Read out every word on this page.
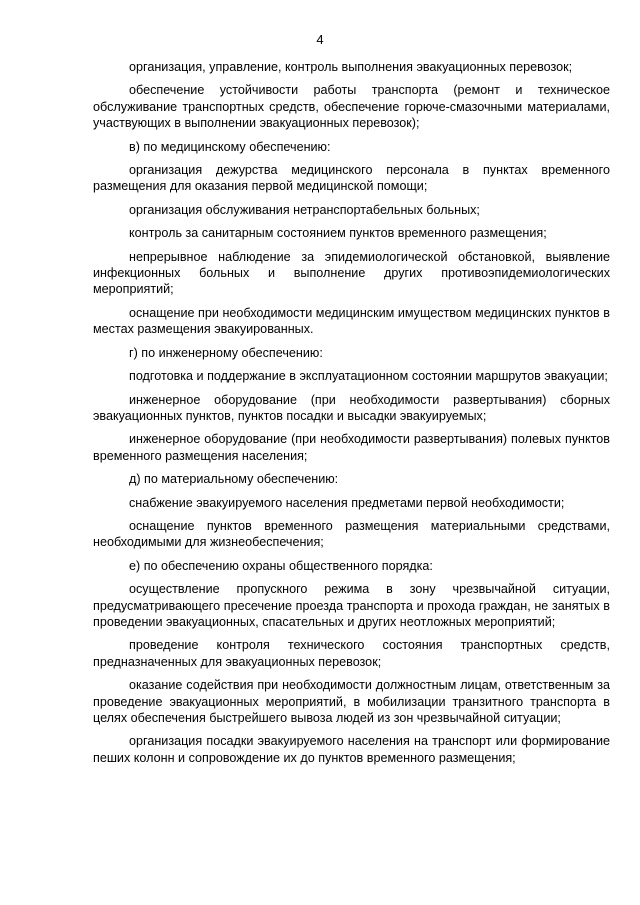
4

организация, управление, контроль выполнения эвакуационных перевозок;

обеспечение устойчивости работы транспорта (ремонт и техническое обслуживание транспортных средств, обеспечение горюче-смазочными материалами, участвующих в выполнении эвакуационных перевозок);

в) по медицинскому обеспечению:

организация дежурства медицинского персонала в пунктах временного размещения для оказания первой медицинской помощи;

организация обслуживания нетранспортабельных больных;

контроль за санитарным состоянием пунктов временного размещения;

непрерывное наблюдение за эпидемиологической обстановкой, выявление инфекционных больных и выполнение других противоэпидемиологических мероприятий;

оснащение при необходимости медицинским имуществом медицинских пунктов в местах размещения эвакуированных.

г) по инженерному обеспечению:

подготовка и поддержание в эксплуатационном состоянии маршрутов эвакуации;

инженерное оборудование (при необходимости развертывания) сборных эвакуационных пунктов, пунктов посадки и высадки эвакуируемых;

инженерное оборудование (при необходимости развертывания) полевых пунктов временного размещения населения;

д) по материальному обеспечению:

снабжение эвакуируемого населения предметами первой необходимости;

оснащение пунктов временного размещения материальными средствами, необходимыми для жизнеобеспечения;

е) по обеспечению охраны общественного порядка:

осуществление пропускного режима в зону чрезвычайной ситуации, предусматривающего пресечение проезда транспорта и прохода граждан, не занятых в проведении эвакуационных, спасательных и других неотложных мероприятий;

проведение контроля технического состояния транспортных средств, предназначенных для эвакуационных перевозок;

оказание содействия при необходимости должностным лицам, ответственным за проведение эвакуационных мероприятий, в мобилизации транзитного транспорта в целях обеспечения быстрейшего вывоза людей из зон чрезвычайной ситуации;

организация посадки эвакуируемого населения на транспорт или формирование пеших колонн и сопровождение их до пунктов временного размещения;
